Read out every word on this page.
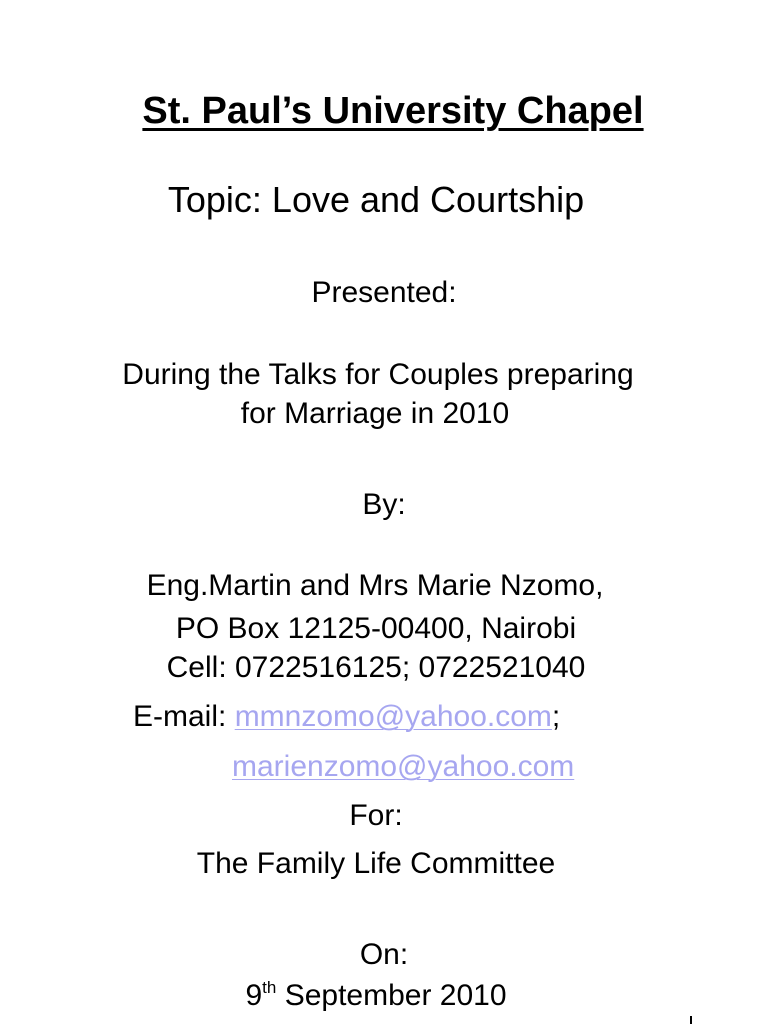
St. Paul’s University Chapel
Topic: Love and Courtship
Presented:
During the Talks for Couples preparing
for Marriage in 2010
By:
Eng.Martin and Mrs Marie Nzomo,
PO Box 12125-00400, Nairobi
Cell: 0722516125; 0722521040
E-mail: mmnzomo@yahoo.com;
marienzomo@yahoo.com
For:
The Family Life Committee
On:
9th September 2010
